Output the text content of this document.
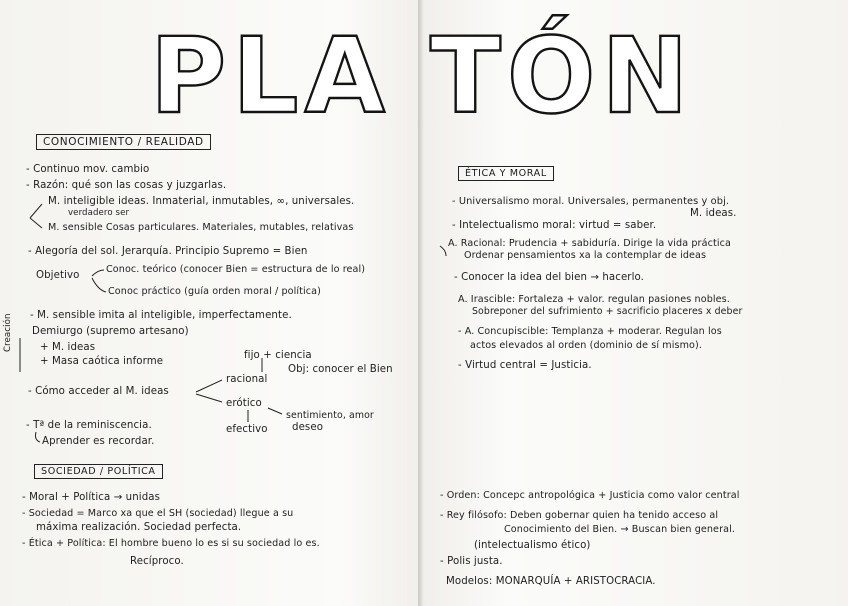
PLA TÓN
CONOCIMIENTO / REALIDAD
- Continuo mov. cambio
- Razón: qué son las cosas y juzgarlas.
M. inteligible ideas. Inmaterial, inmutables, ∞, universales.
verdadero ser
M. sensible Cosas particulares. Materiales, mutables, relativas
- Alegoría del sol. Jerarquía. Principio Supremo = Bien
Objetivo
Conoc. teórico (conocer Bien = estructura de lo real)
Conoc práctico (guía orden moral / política)
- M. sensible imita al inteligible, imperfectamente.
Creación Demiurgo (supremo artesano)
+ M. ideas
+ Masa caótica informe
fijo + ciencia
Obj: conocer el Bien
- Cómo acceder al M. ideas
racional
erótico
sentimiento, amor
efectivo deseo
- Tª de la reminiscencia.
Aprender es recordar.
SOCIEDAD / POLÍTICA
- Moral + Política → unidas
- Sociedad = Marco xa que el SH (sociedad) llegue a su
máxima realización. Sociedad perfecta.
- Ética + Política: El hombre bueno lo es si su sociedad lo es.
Recíproco.
ÉTICA Y MORAL
- Universalismo moral. Universales, permanentes y obj.
M. ideas.
- Intelectualismo moral: virtud = saber.
A. Racional: Prudencia + sabiduría. Dirige la vida práctica
Ordenar pensamientos xa la contemplar de ideas
- Conocer la idea del bien → hacerlo.
A. Irascible: Fortaleza + valor. regulan pasiones nobles.
Sobreponer del sufrimiento + sacrificio placeres x deber
- A. Concupiscible: Templanza + moderar. Regulan los
actos elevados al orden (dominio de sí mismo).
- Virtud central = Justicia.
- Orden: Concepc antropológica + Justicia como valor central
- Rey filósofo: Deben gobernar quien ha tenido acceso al
Conocimiento del Bien. → Buscan bien general.
(intelectualismo ético)
- Polis justa.
Modelos: MONARQUÍA + ARISTOCRACIA.
